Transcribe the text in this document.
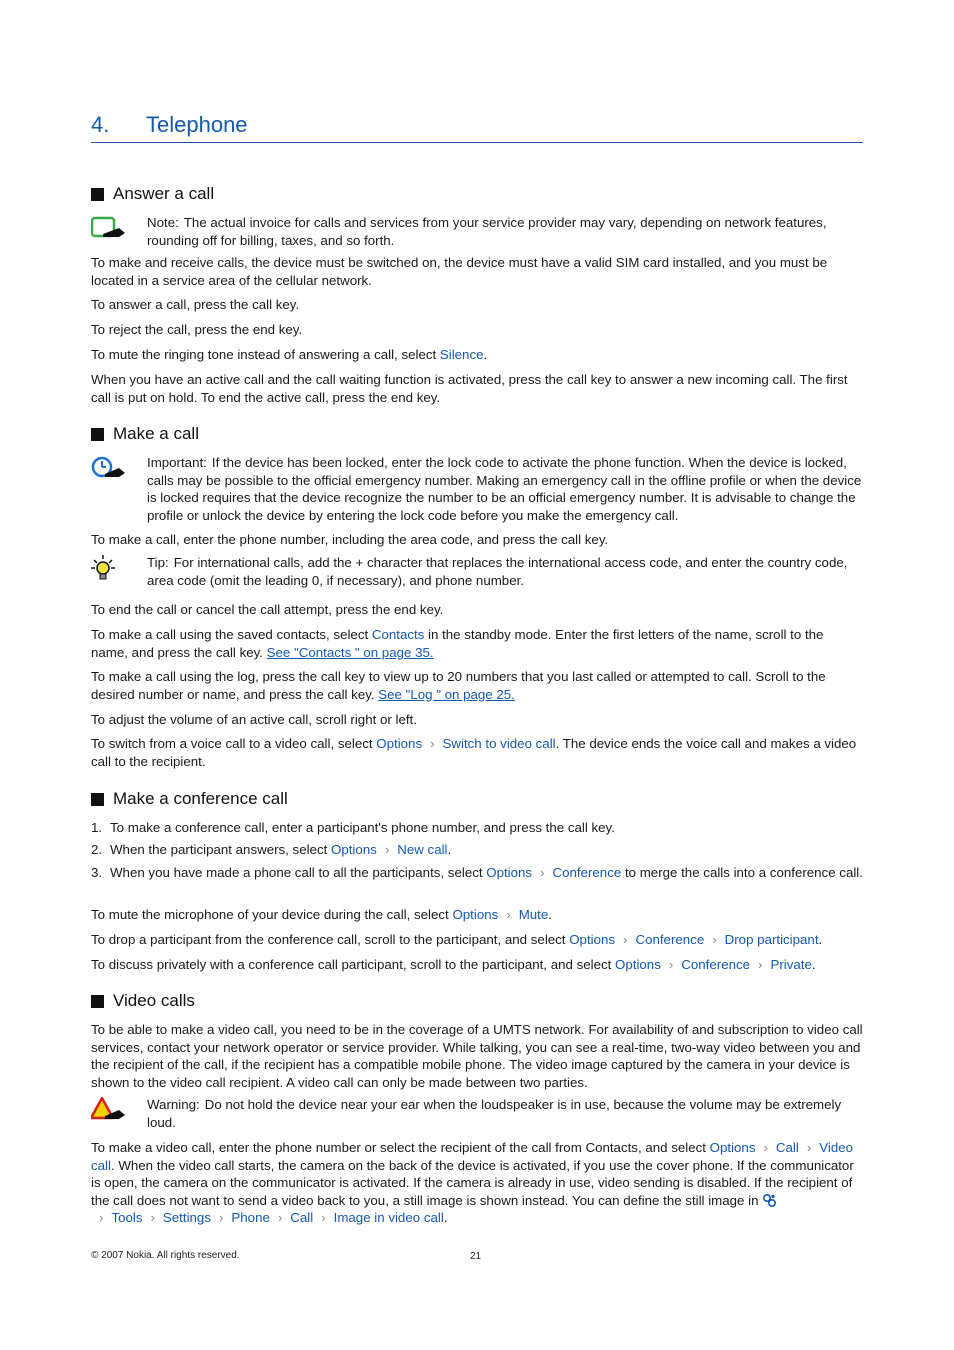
4. Telephone
Answer a call

Note: The actual invoice for calls and services from your service provider may vary, depending on network features, rounding off for billing, taxes, and so forth.

To make and receive calls, the device must be switched on, the device must have a valid SIM card installed, and you must be located in a service area of the cellular network.

To answer a call, press the call key.

To reject the call, press the end key.

To mute the ringing tone instead of answering a call, select Silence.

When you have an active call and the call waiting function is activated, press the call key to answer a new incoming call. The first call is put on hold. To end the active call, press the end key.

Make a call

Important: If the device has been locked, enter the lock code to activate the phone function. When the device is locked, calls may be possible to the official emergency number. Making an emergency call in the offline profile or when the device is locked requires that the device recognize the number to be an official emergency number. It is advisable to change the profile or unlock the device by entering the lock code before you make the emergency call.

To make a call, enter the phone number, including the area code, and press the call key.

Tip: For international calls, add the + character that replaces the international access code, and enter the country code, area code (omit the leading 0, if necessary), and phone number.

To end the call or cancel the call attempt, press the end key.

To make a call using the saved contacts, select Contacts in the standby mode. Enter the first letters of the name, scroll to the name, and press the call key. See "Contacts " on page 35.

To make a call using the log, press the call key to view up to 20 numbers that you last called or attempted to call. Scroll to the desired number or name, and press the call key. See "Log " on page 25.

To adjust the volume of an active call, scroll right or left.

To switch from a voice call to a video call, select Options › Switch to video call. The device ends the voice call and makes a video call to the recipient.

Make a conference call
1. To make a conference call, enter a participant's phone number, and press the call key.
2. When the participant answers, select Options › New call.
3. When you have made a phone call to all the participants, select Options › Conference to merge the calls into a conference call.

To mute the microphone of your device during the call, select Options › Mute.

To drop a participant from the conference call, scroll to the participant, and select Options › Conference › Drop participant.

To discuss privately with a conference call participant, scroll to the participant, and select Options › Conference › Private.

Video calls

To be able to make a video call, you need to be in the coverage of a UMTS network. For availability of and subscription to video call services, contact your network operator or service provider. While talking, you can see a real-time, two-way video between you and the recipient of the call, if the recipient has a compatible mobile phone. The video image captured by the camera in your device is shown to the video call recipient. A video call can only be made between two parties.

Warning: Do not hold the device near your ear when the loudspeaker is in use, because the volume may be extremely loud.

To make a video call, enter the phone number or select the recipient of the call from Contacts, and select Options › Call › Video call. When the video call starts, the camera on the back of the device is activated, if you use the cover phone. If the communicator is open, the camera on the communicator is activated. If the camera is already in use, video sending is disabled. If the recipient of the call does not want to send a video back to you, a still image is shown instead. You can define the still image in › Tools › Settings › Phone › Call › Image in video call.

© 2007 Nokia. All rights reserved.	21
